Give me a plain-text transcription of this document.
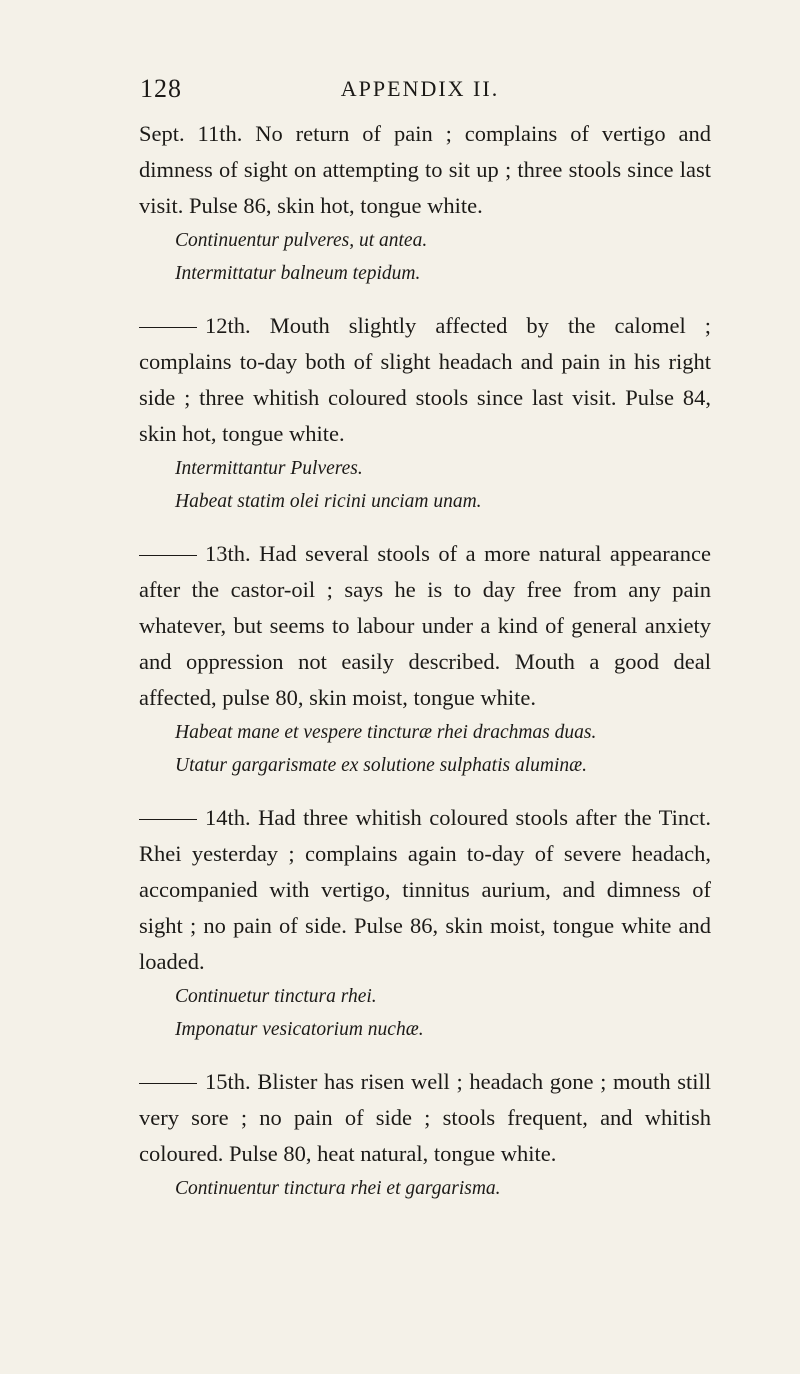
128	APPENDIX II.

Sept. 11th. No return of pain ; complains of vertigo and dimness of sight on attempting to sit up ; three stools since last visit. Pulse 86, skin hot, tongue white.

Continuentur pulveres, ut antea.
Intermittatur balneum tepidum.

12th. Mouth slightly affected by the calomel ; complains to-day both of slight headach and pain in his right side ; three whitish coloured stools since last visit. Pulse 84, skin hot, tongue white.

Intermittantur Pulveres.
Habeat statim olei ricini unciam unam.

13th. Had several stools of a more natural appearance after the castor-oil ; says he is to day free from any pain whatever, but seems to labour under a kind of general anxiety and oppression not easily described. Mouth a good deal affected, pulse 80, skin moist, tongue white.

Habeat mane et vespere tincturæ rhei drachmas duas.
Utatur gargarismate ex solutione sulphatis aluminæ.

14th. Had three whitish coloured stools after the Tinct. Rhei yesterday ; complains again to-day of severe headach, accompanied with vertigo, tinnitus aurium, and dimness of sight ; no pain of side. Pulse 86, skin moist, tongue white and loaded.

Continuetur tinctura rhei.
Imponatur vesicatorium nuchæ.

15th. Blister has risen well ; headach gone ; mouth still very sore ; no pain of side ; stools frequent, and whitish coloured. Pulse 80, heat natural, tongue white.

Continuentur tinctura rhei et gargarisma.
